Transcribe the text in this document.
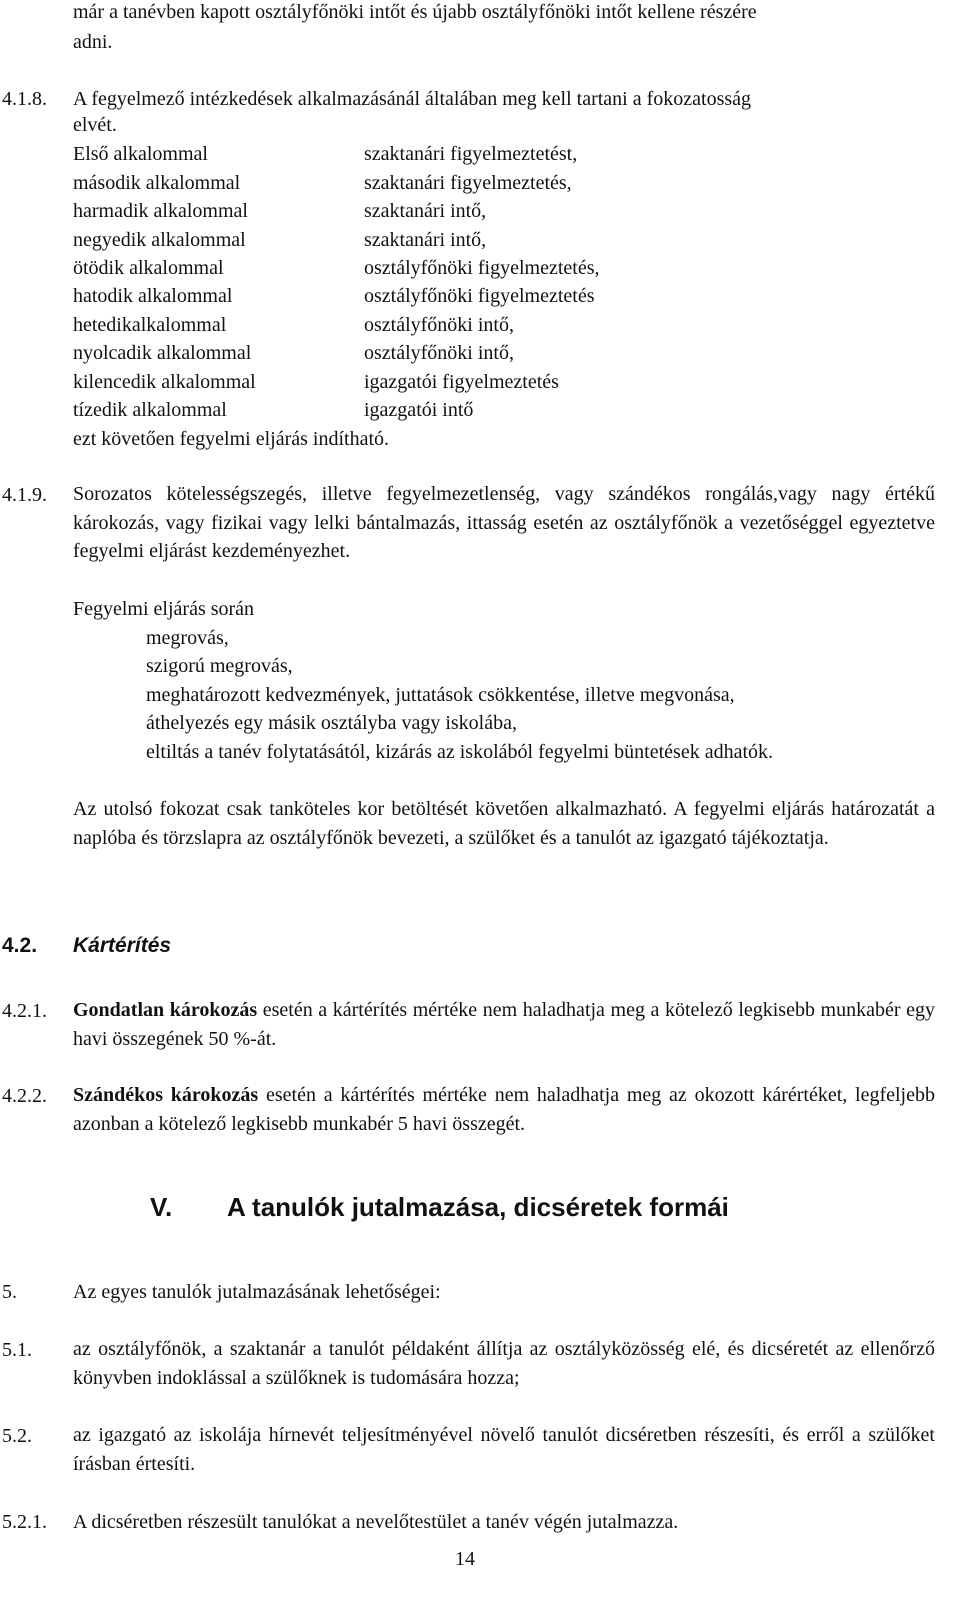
már a tanévben kapott osztályfőnöki intőt és újabb osztályfőnöki intőt kellene részére
adni.
4.1.8. A fegyelmező intézkedések alkalmazásánál általában meg kell tartani a fokozatosság
elvét.
Első alkalommal	szaktanári figyelmeztetést,
második alkalommal	szaktanári figyelmeztetés,
harmadik alkalommal	szaktanári intő,
negyedik alkalommal	szaktanári intő,
ötödik alkalommal	osztályfőnöki figyelmeztetés,
hatodik alkalommal	osztályfőnöki figyelmeztetés
hetedikalkalommal	osztályfőnöki intő,
nyolcadik alkalommal	osztályfőnöki intő,
kilencedik alkalommal	igazgatói figyelmeztetés
tízedik alkalommal	igazgatói intő
ezt követően fegyelmi eljárás indítható.
4.1.9. Sorozatos kötelességszegés, illetve fegyelmezetlenség, vagy szándékos rongálás,vagy nagy értékű károkozás, vagy fizikai vagy lelki bántalmazás, ittasság esetén az osztályfőnök a vezetőséggel egyeztetve fegyelmi eljárást kezdeményezhet.
Fegyelmi eljárás során
megrovás,
szigorú megrovás,
meghatározott kedvezmények, juttatások csökkentése, illetve megvonása,
áthelyezés egy másik osztályba vagy iskolába,
eltiltás a tanév folytatásától, kizárás az iskolából fegyelmi büntetések adhatók.
Az utolsó fokozat csak tanköteles kor betöltését követően alkalmazható. A fegyelmi eljárás határozatát a naplóba és törzslapra az osztályfőnök bevezeti, a szülőket és a tanulót az igazgató tájékoztatja.
4.2. Kártérítés
4.2.1. Gondatlan károkozás esetén a kártérítés mértéke nem haladhatja meg a kötelező legkisebb munkabér egy havi összegének 50 %-át.
4.2.2. Szándékos károkozás esetén a kártérítés mértéke nem haladhatja meg az okozott kárértéket, legfeljebb azonban a kötelező legkisebb munkabér 5 havi összegét.
V. A tanulók jutalmazása, dicséretek formái
5.	Az egyes tanulók jutalmazásának lehetőségei:
5.1. az osztályfőnök, a szaktanár a tanulót példaként állítja az osztályközösség elé, és dicséretét az ellenőrző könyvben indoklással a szülőknek is tudomására hozza;
5.2. az igazgató az iskolája hírnevét teljesítményével növelő tanulót dicséretben részesíti, és erről a szülőket írásban értesíti.
5.2.1. A dicséretben részesült tanulókat a nevelőtestület a tanév végén jutalmazza.
14
